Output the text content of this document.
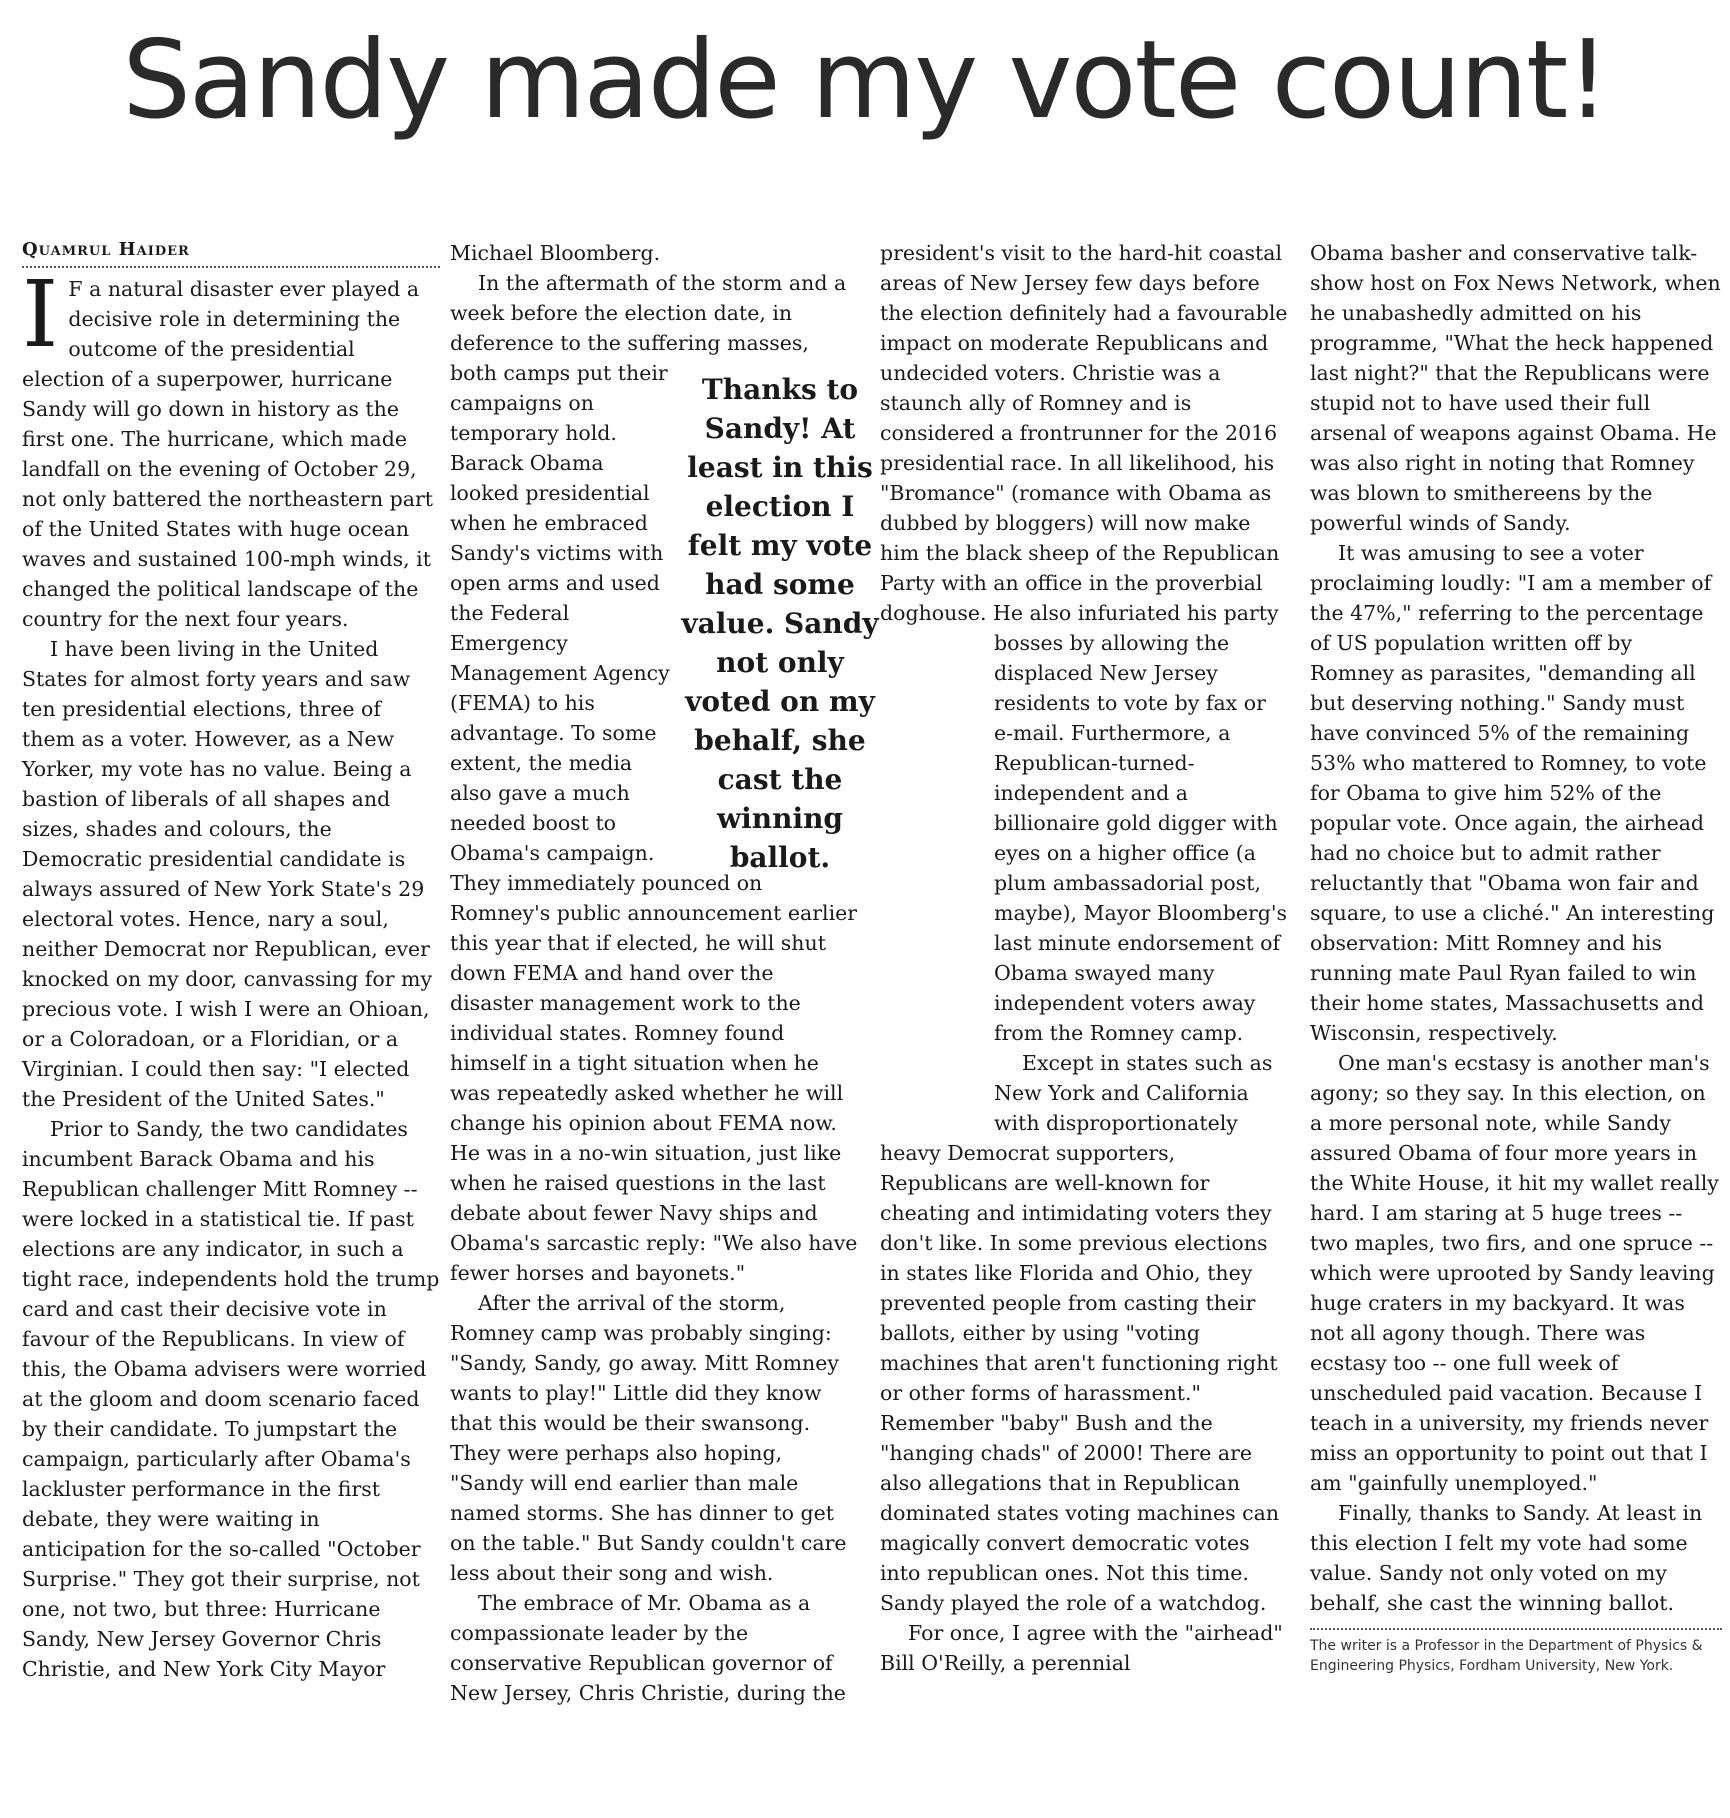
Sandy made my vote count!
Quamrul Haider

I F a natural disaster ever played a decisive role in determining the outcome of the presidential election of a superpower, hurricane Sandy will go down in history as the first one. The hurricane, which made landfall on the evening of October 29, not only battered the northeastern part of the United States with huge ocean waves and sustained 100-mph winds, it changed the political landscape of the country for the next four years.

I have been living in the United States for almost forty years and saw ten presidential elections, three of them as a voter. However, as a New Yorker, my vote has no value. Being a bastion of liberals of all shapes and sizes, shades and colours, the Democratic presidential candidate is always assured of New York State's 29 electoral votes. Hence, nary a soul, neither Democrat nor Republican, ever knocked on my door, canvassing for my precious vote. I wish I were an Ohioan, or a Coloradoan, or a Floridian, or a Virginian. I could then say: "I elected the President of the United Sates."

Prior to Sandy, the two candidates incumbent Barack Obama and his Republican challenger Mitt Romney -- were locked in a statistical tie. If past elections are any indicator, in such a tight race, independents hold the trump card and cast their decisive vote in favour of the Republicans. In view of this, the Obama advisers were worried at the gloom and doom scenario faced by their candidate. To jumpstart the campaign, particularly after Obama's lackluster performance in the first debate, they were waiting in anticipation for the so-called "October Surprise." They got their surprise, not one, not two, but three: Hurricane Sandy, New Jersey Governor Chris Christie, and New York City Mayor

Michael Bloomberg.

Thanks to Sandy! At least in this election I felt my vote had some value. Sandy not only voted on my behalf, she cast the winning ballot.

In the aftermath of the storm and a week before the election date, in deference to the suffering masses, both camps put their campaigns on temporary hold. Barack Obama looked presidential when he embraced Sandy's victims with open arms and used the Federal Emergency Management Agency (FEMA) to his advantage. To some extent, the media also gave a much needed boost to Obama's campaign. They immediately pounced on Romney's public announcement earlier this year that if elected, he will shut down FEMA and hand over the disaster management work to the individual states. Romney found himself in a tight situation when he was repeatedly asked whether he will change his opinion about FEMA now. He was in a no-win situation, just like when he raised questions in the last debate about fewer Navy ships and Obama's sarcastic reply: "We also have fewer horses and bayonets."

After the arrival of the storm, Romney camp was probably singing: "Sandy, Sandy, go away. Mitt Romney wants to play!" Little did they know that this would be their swansong. They were perhaps also hoping, "Sandy will end earlier than male named storms. She has dinner to get on the table." But Sandy couldn't care less about their song and wish.

The embrace of Mr. Obama as a compassionate leader by the conservative Republican governor of New Jersey, Chris Christie, during the

president's visit to the hard-hit coastal areas of New Jersey few days before the election definitely had a favourable impact on moderate Republicans and undecided voters. Christie was a staunch ally of Romney and is considered a frontrunner for the 2016 presidential race. In all likelihood, his "Bromance" (romance with Obama as dubbed by bloggers) will now make him the black sheep of the Republican Party with an office in the proverbial doghouse. He also infuriated his party bosses by allowing the displaced New Jersey residents to vote by fax or e-mail. Furthermore, a Republican-turned-independent and a billionaire gold digger with eyes on a higher office (a plum ambassadorial post, maybe), Mayor Bloomberg's last minute endorsement of Obama swayed many independent voters away from the Romney camp.

Except in states such as New York and California with disproportionately heavy Democrat supporters, Republicans are well-known for cheating and intimidating voters they don't like. In some previous elections in states like Florida and Ohio, they prevented people from casting their ballots, either by using "voting machines that aren't functioning right or other forms of harassment." Remember "baby" Bush and the "hanging chads" of 2000! There are also allegations that in Republican dominated states voting machines can magically convert democratic votes into republican ones. Not this time. Sandy played the role of a watchdog.

For once, I agree with the "airhead" Bill O'Reilly, a perennial

Obama basher and conservative talk-show host on Fox News Network, when he unabashedly admitted on his programme, "What the heck happened last night?" that the Republicans were stupid not to have used their full arsenal of weapons against Obama. He was also right in noting that Romney was blown to smithereens by the powerful winds of Sandy.

It was amusing to see a voter proclaiming loudly: "I am a member of the 47%," referring to the percentage of US population written off by Romney as parasites, "demanding all but deserving nothing." Sandy must have convinced 5% of the remaining 53% who mattered to Romney, to vote for Obama to give him 52% of the popular vote. Once again, the airhead had no choice but to admit rather reluctantly that "Obama won fair and square, to use a cliché." An interesting observation: Mitt Romney and his running mate Paul Ryan failed to win their home states, Massachusetts and Wisconsin, respectively.

One man's ecstasy is another man's agony; so they say. In this election, on a more personal note, while Sandy assured Obama of four more years in the White House, it hit my wallet really hard. I am staring at 5 huge trees -- two maples, two firs, and one spruce -- which were uprooted by Sandy leaving huge craters in my backyard. It was not all agony though. There was ecstasy too -- one full week of unscheduled paid vacation. Because I teach in a university, my friends never miss an opportunity to point out that I am "gainfully unemployed."

Finally, thanks to Sandy. At least in this election I felt my vote had some value. Sandy not only voted on my behalf, she cast the winning ballot.

The writer is a Professor in the Department of Physics & Engineering Physics, Fordham University, New York.
